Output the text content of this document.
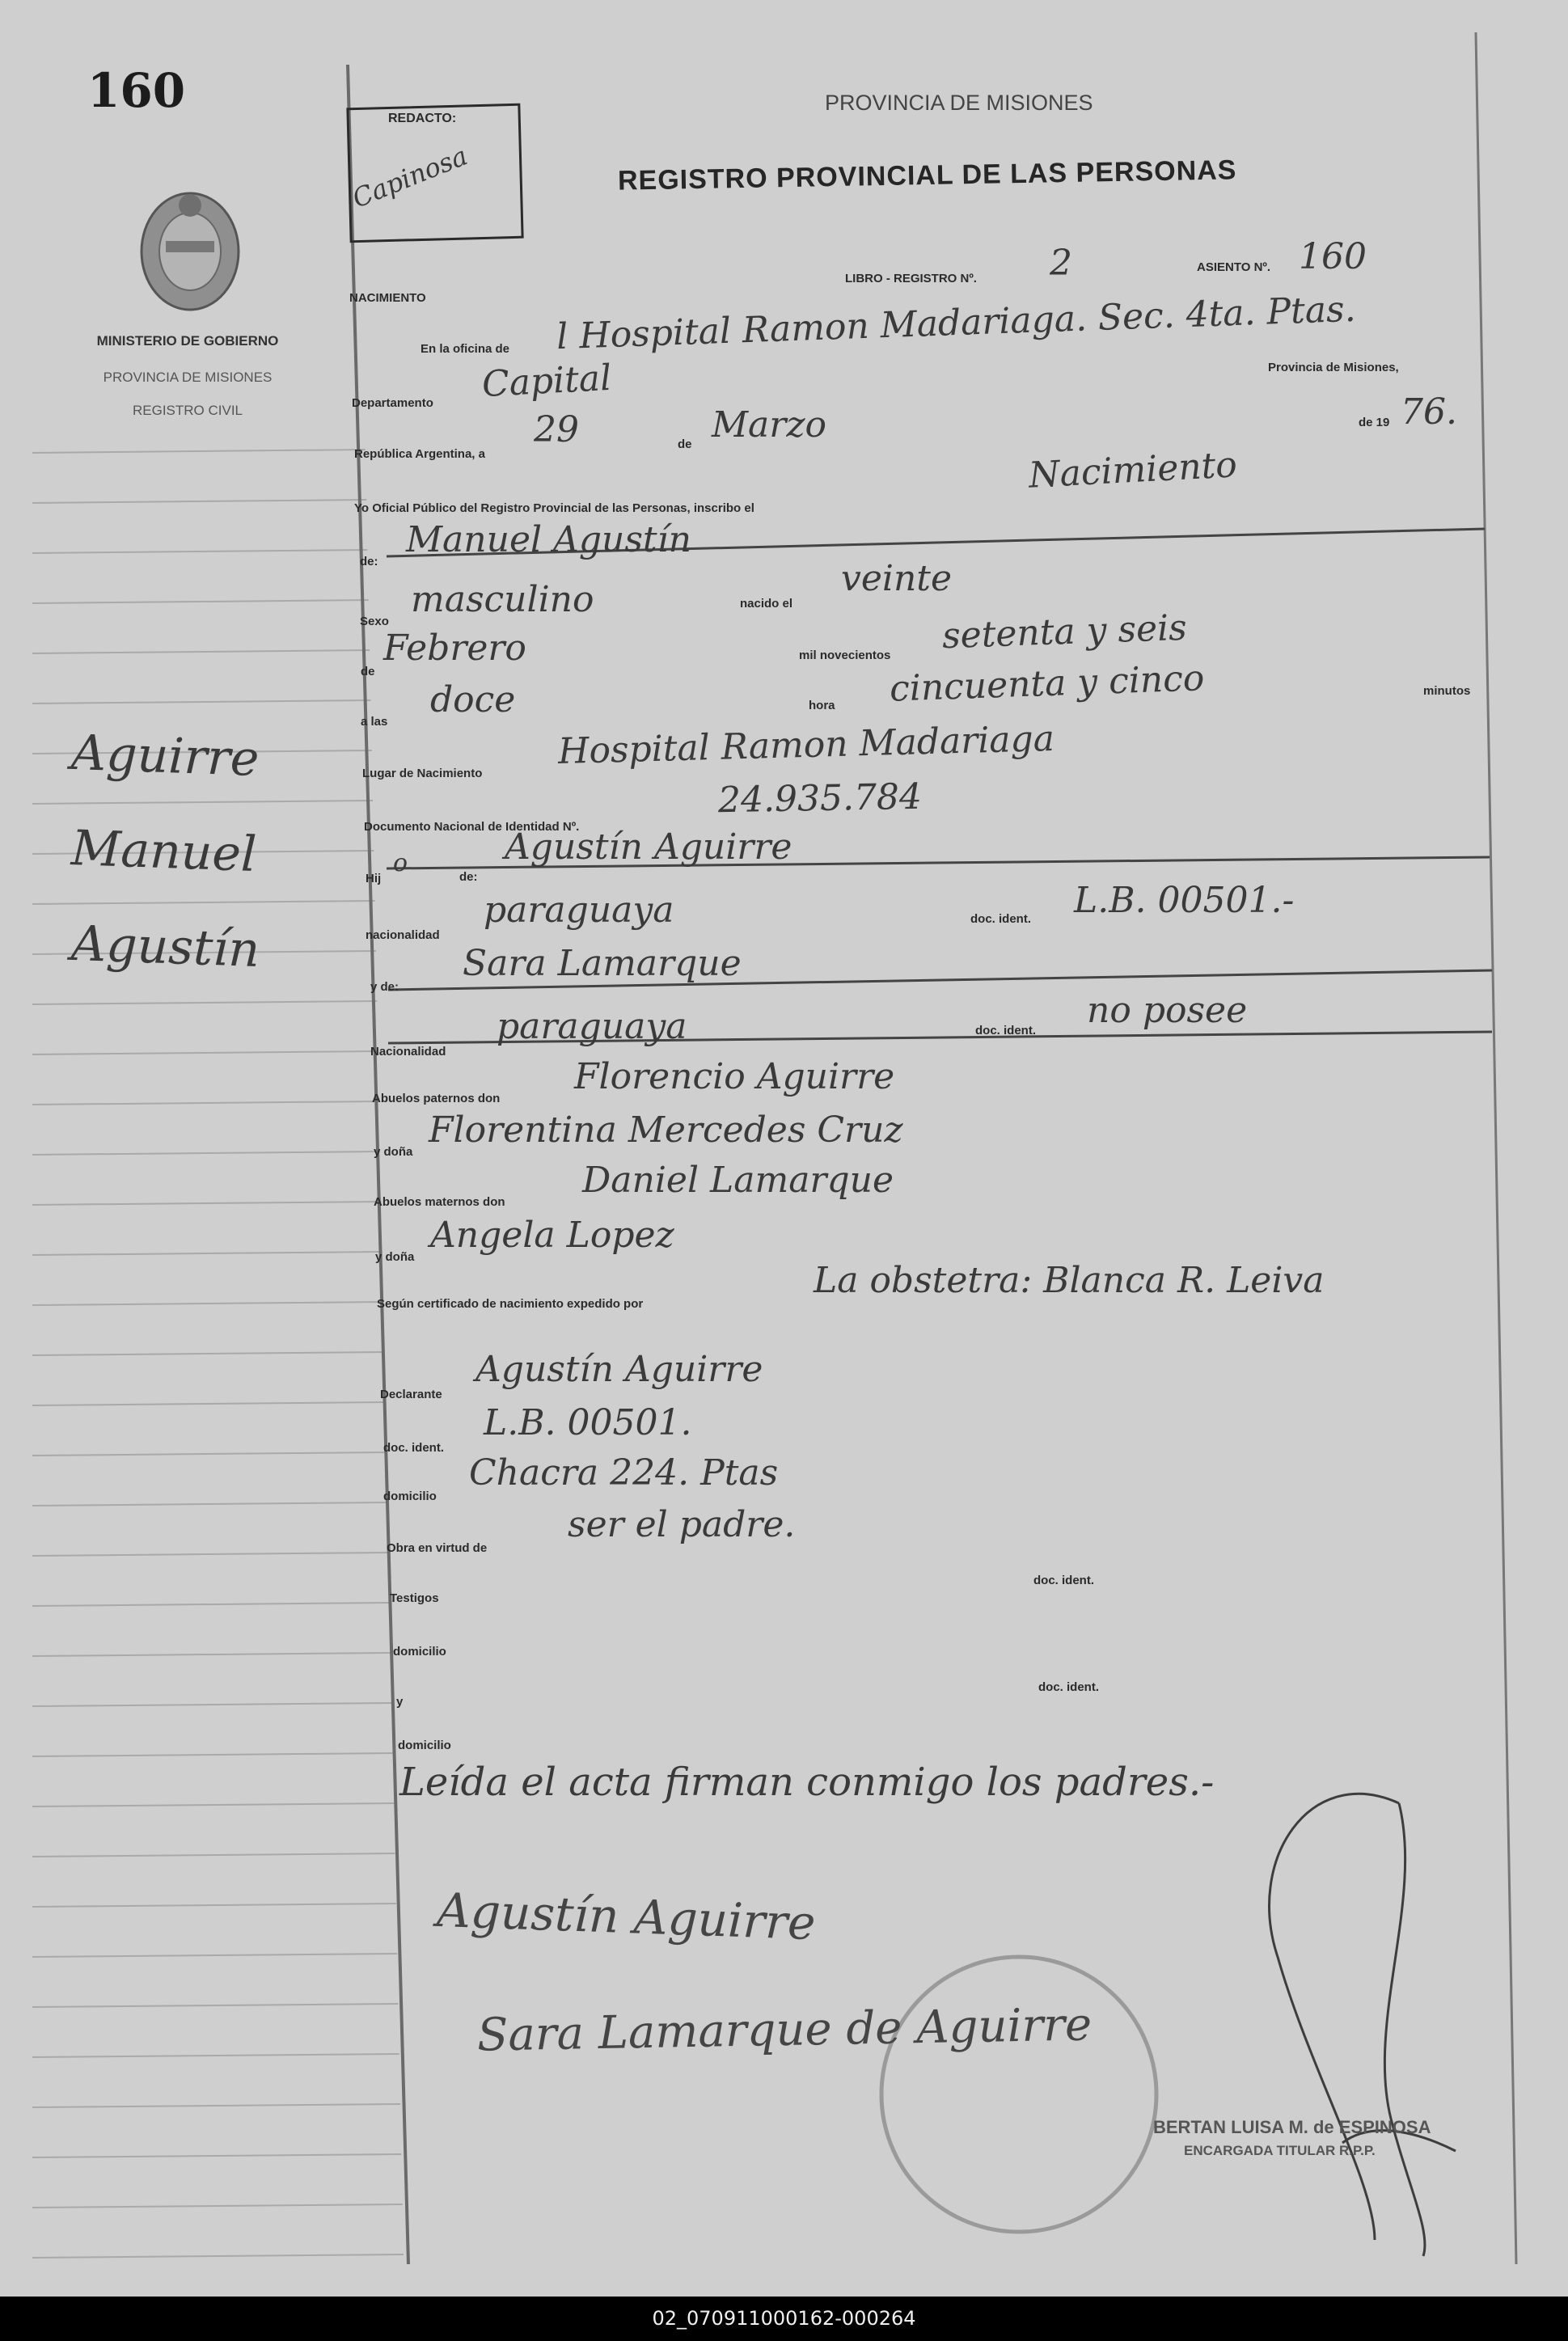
160
MINISTERIO DE GOBIERNO
PROVINCIA DE MISIONES
REGISTRO CIVIL
Aguirre
Manuel
Agustín
REDACTO:
Capinosa
PROVINCIA DE MISIONES
REGISTRO PROVINCIAL DE LAS PERSONAS
NACIMIENTO
LIBRO - REGISTRO Nº. 2	ASIENTO Nº. 160
En la oficina de l Hospital Ramon Madariaga. Sec. 4ta. Ptas.
Provincia de Misiones,
Departamento Capital
República Argentina, a
29	de Marzo	de 19 76.
Yo Oficial Público del Registro Provincial de las Personas, inscribo el
Nacimiento
de:
Manuel Agustín
Sexo
masculino	nacido el
veinte
de
Febrero	mil novecientos setenta y seis
a las
doce	hora cincuenta y cinco	minutos
Lugar de Nacimiento
Hospital Ramon Madariaga
Documento Nacional de Identidad Nº.
24.935.784
Hij
o	de:
Agustín Aguirre
nacionalidad
paraguaya	doc. ident. L.B. 00501.-
y de:
Sara Lamarque
Nacionalidad
paraguaya	doc. ident. no posee
Abuelos paternos don
Florencio Aguirre
y doña
Florentina Mercedes Cruz
Abuelos maternos don
Daniel Lamarque
y doña
Angela Lopez
Según certificado de nacimiento expedido por
La obstetra: Blanca R. Leiva
Declarante
Agustín Aguirre
doc. ident.
L.B. 00501.
domicilio
Chacra 224. Ptas
Obra en virtud de
ser el padre.
Testigos
doc. ident.
domicilio
y
doc. ident.
domicilio
Leída el acta firman conmigo los padres.-
Agustín Aguirre
Sara Lamarque de Aguirre
BERTAN LUISA M. de ESPINOSA
ENCARGADA TITULAR R.P.P.
02_070911000162-000264
